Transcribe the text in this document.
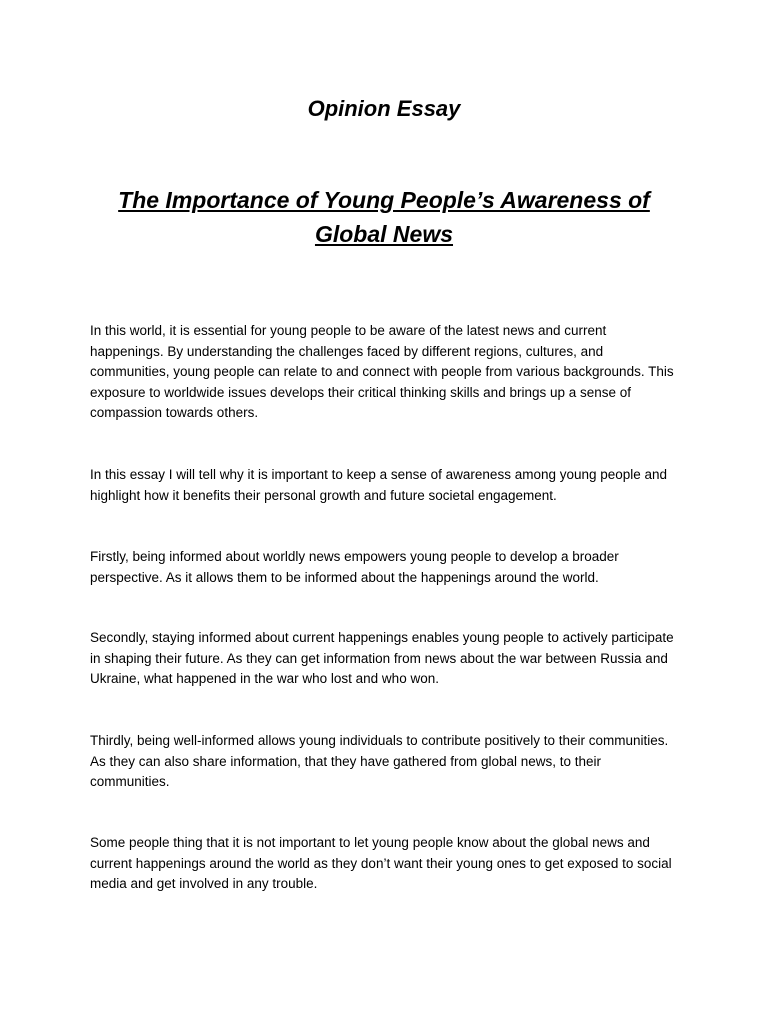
Opinion Essay
The Importance of Young People’s Awareness of Global News

In this world, it is essential for young people to be aware of the latest news and current happenings. By understanding the challenges faced by different regions, cultures, and communities, young people can relate to and connect with people from various backgrounds. This exposure to worldwide issues develops their critical thinking skills and brings up a sense of compassion towards others.

In this essay I will tell why it is important to keep a sense of awareness among young people and highlight how it benefits their personal growth and future societal engagement.

Firstly, being informed about worldly news empowers young people to develop a broader perspective. As it allows them to be informed about the happenings around the world.

Secondly, staying informed about current happenings enables young people to actively participate in shaping their future. As they can get information from news about the war between Russia and Ukraine, what happened in the war who lost and who won.

Thirdly, being well-informed allows young individuals to contribute positively to their communities. As they can also share information, that they have gathered from global news, to their communities.

Some people thing that it is not important to let young people know about the global news and current happenings around the world as they don’t want their young ones to get exposed to social media and get involved in any trouble.
